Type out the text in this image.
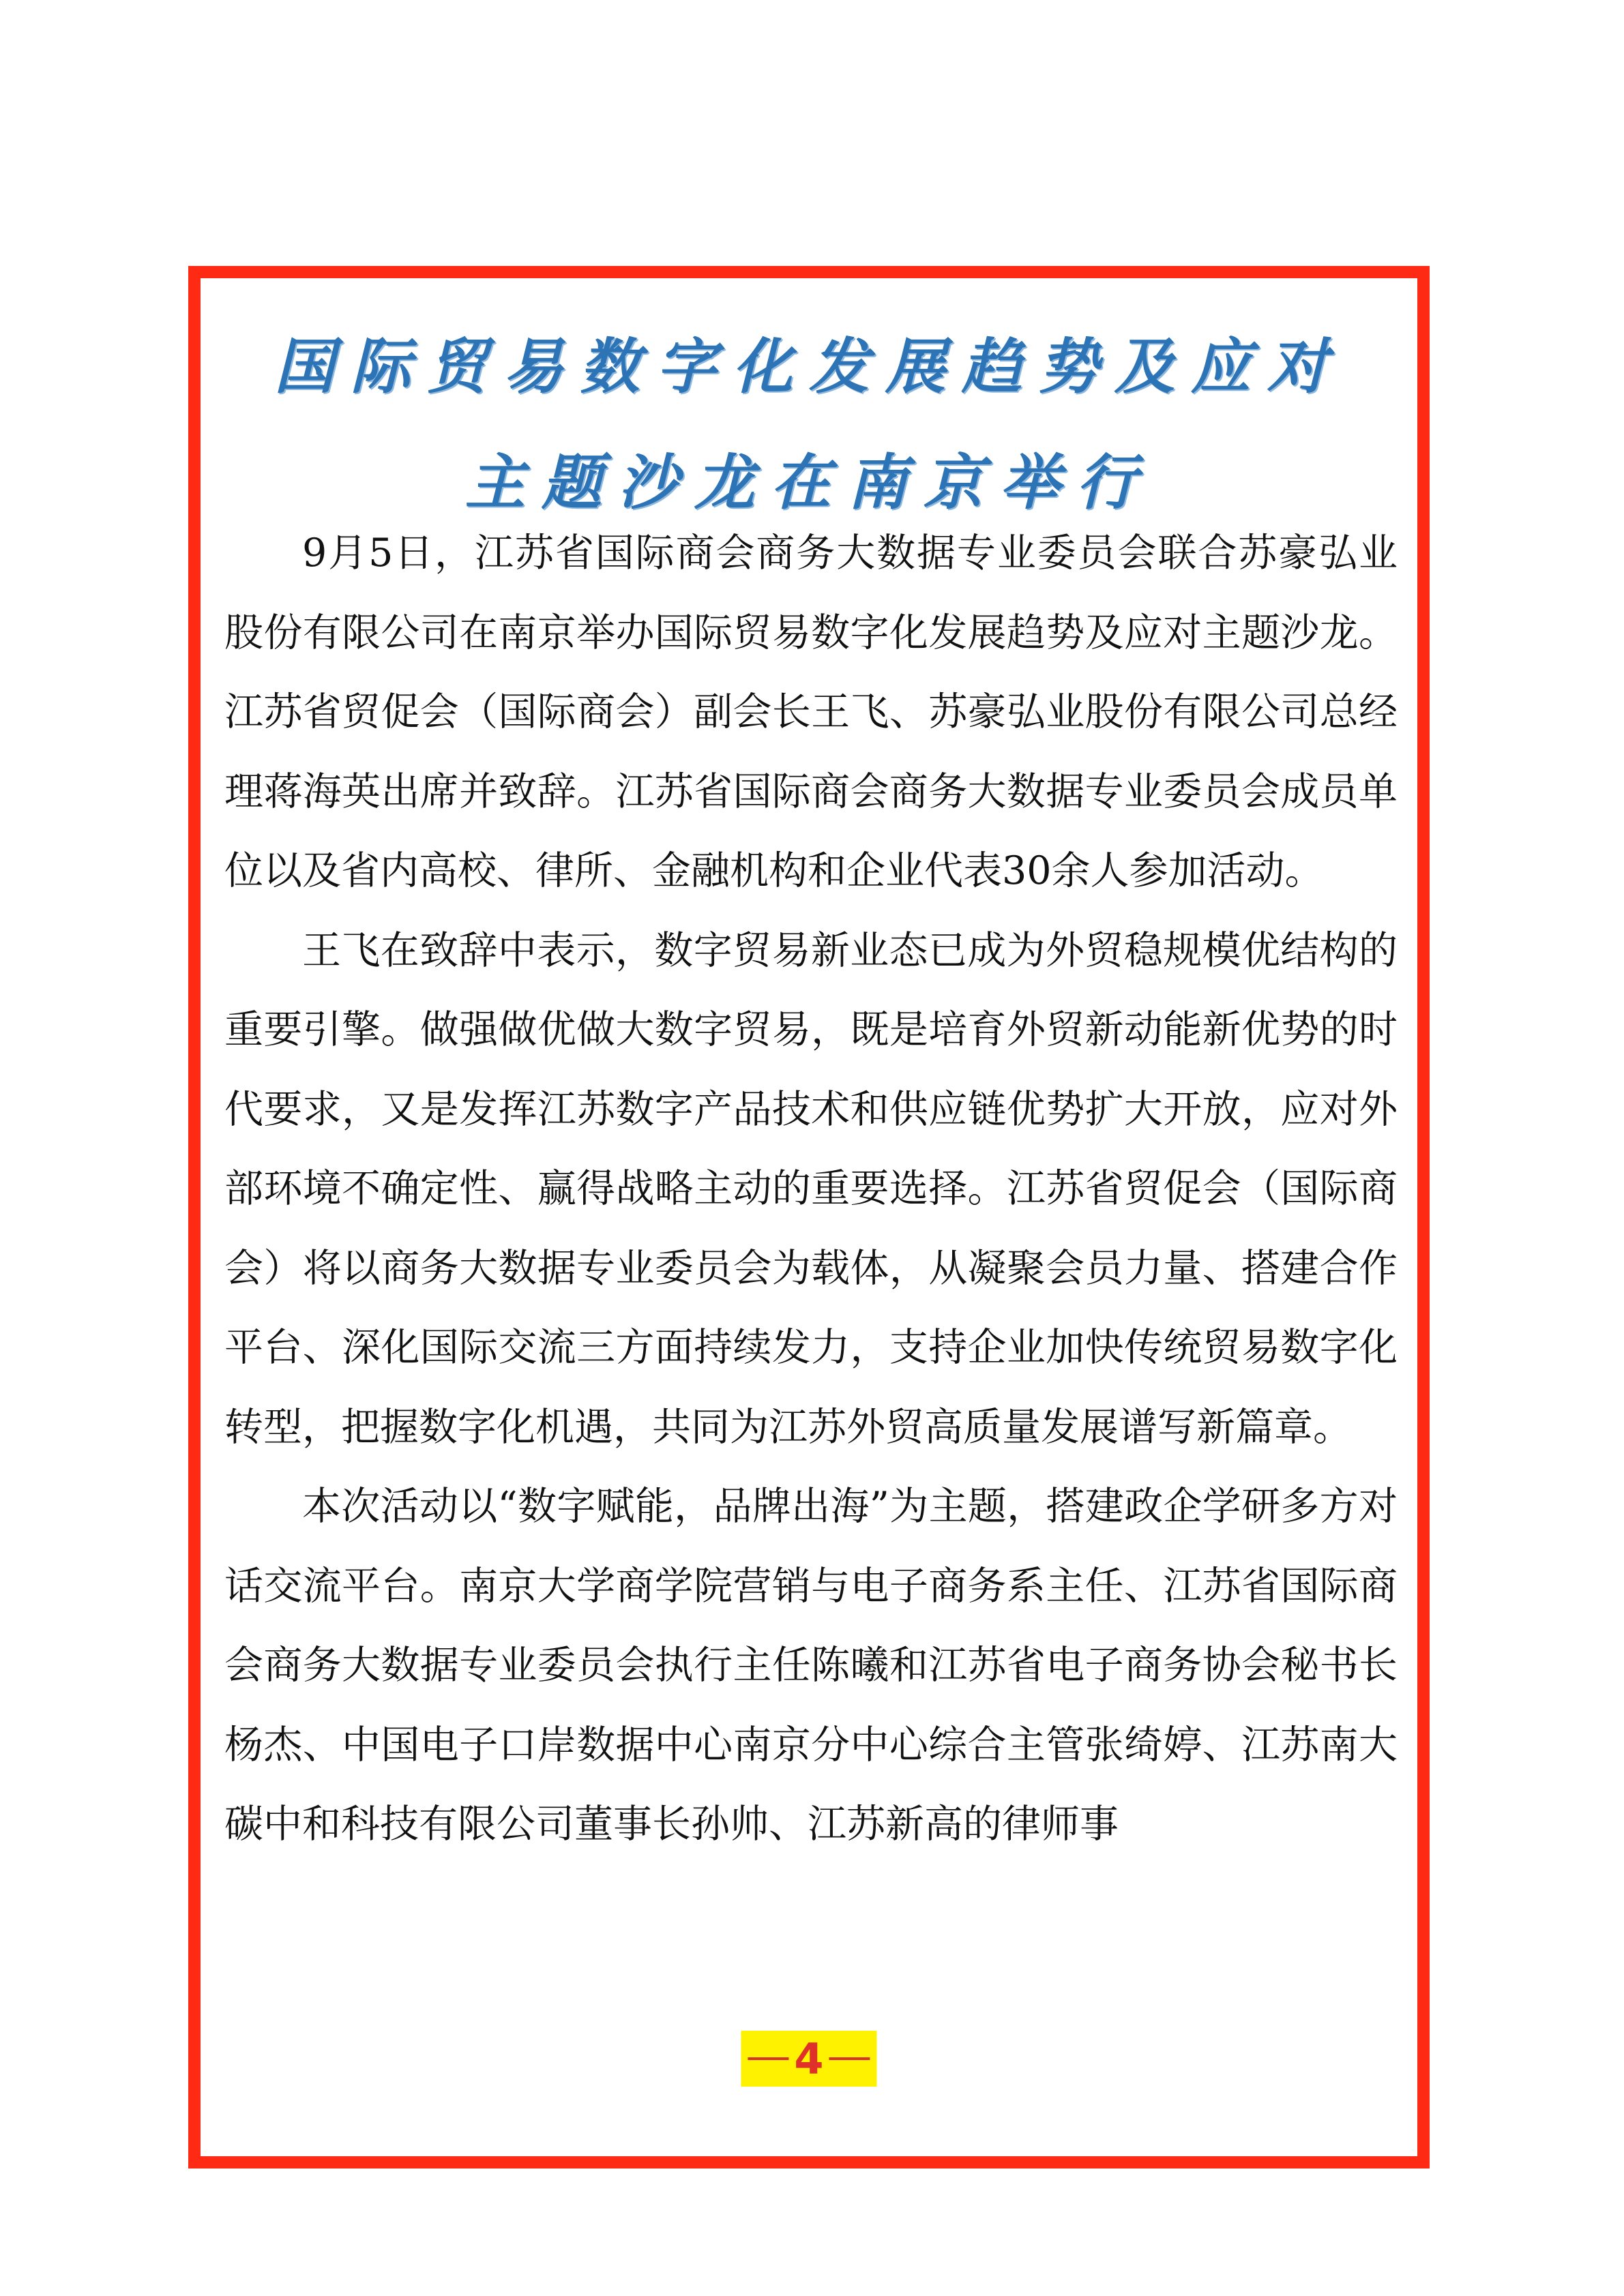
国际贸易数字化发展趋势及应对
主题沙龙在南京举行

9月5日，江苏省国际商会商务大数据专业委员会联合苏豪弘业股份有限公司在南京举办国际贸易数字化发展趋势及应对主题沙龙。江苏省贸促会（国际商会）副会长王飞、苏豪弘业股份有限公司总经理蒋海英出席并致辞。江苏省国际商会商务大数据专业委员会成员单位以及省内高校、律所、金融机构和企业代表30余人参加活动。

王飞在致辞中表示，数字贸易新业态已成为外贸稳规模优结构的重要引擎。做强做优做大数字贸易，既是培育外贸新动能新优势的时代要求，又是发挥江苏数字产品技术和供应链优势扩大开放，应对外部环境不确定性、赢得战略主动的重要选择。江苏省贸促会（国际商会）将以商务大数据专业委员会为载体，从凝聚会员力量、搭建合作平台、深化国际交流三方面持续发力，支持企业加快传统贸易数字化转型，把握数字化机遇，共同为江苏外贸高质量发展谱写新篇章。

本次活动以“数字赋能，品牌出海”为主题，搭建政企学研多方对话交流平台。南京大学商学院营销与电子商务系主任、江苏省国际商会商务大数据专业委员会执行主任陈曦和江苏省电子商务协会秘书长杨杰、中国电子口岸数据中心南京分中心综合主管张绮婷、江苏南大碳中和科技有限公司董事长孙帅、江苏新高的律师事

4
